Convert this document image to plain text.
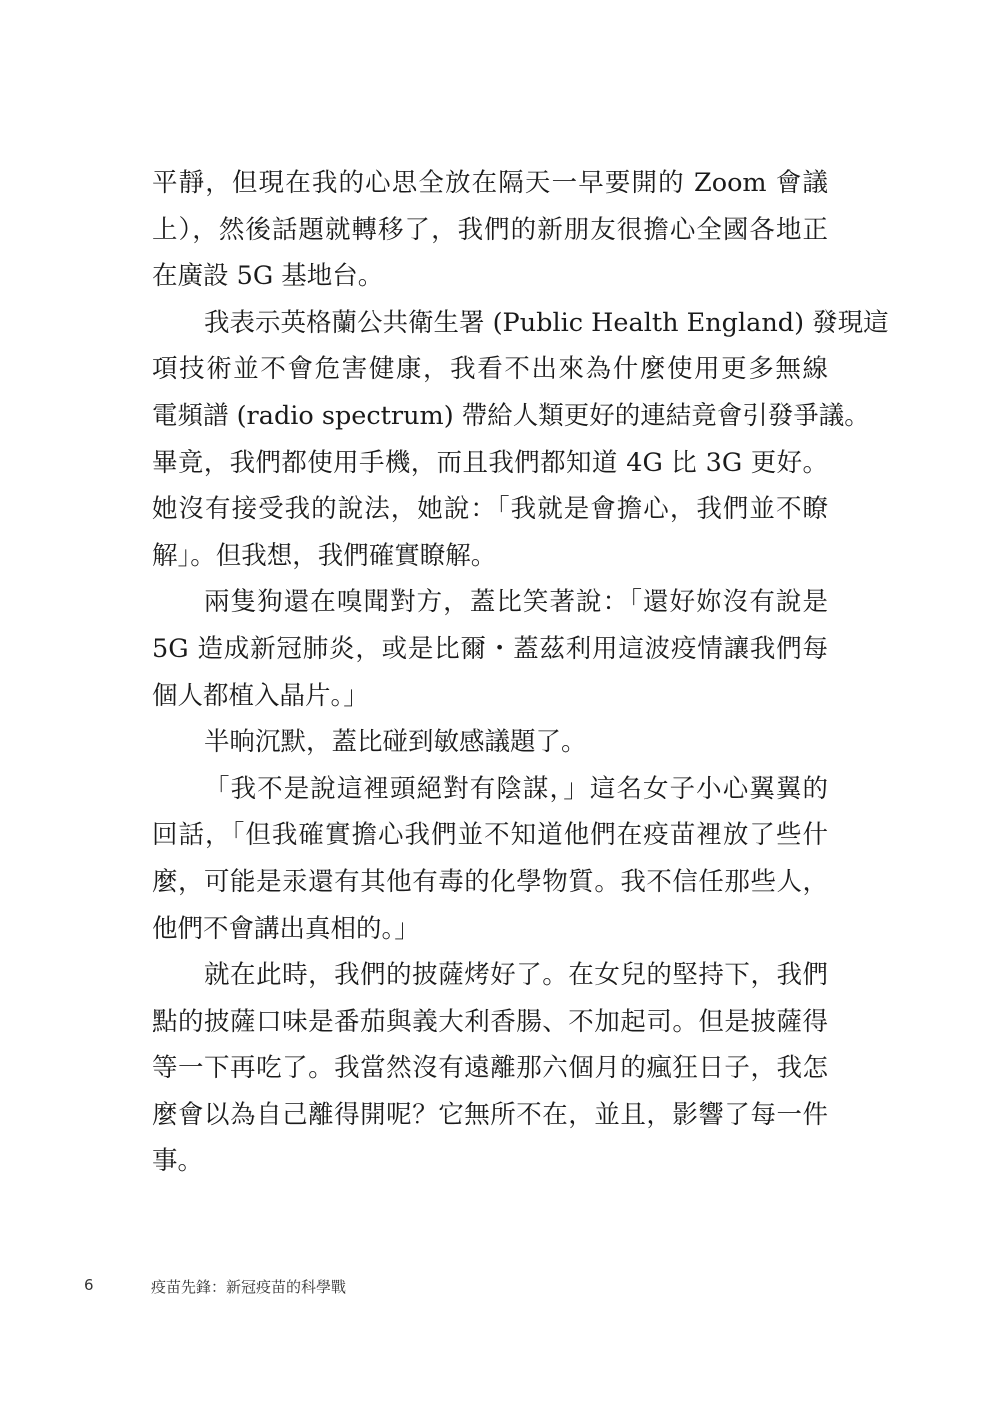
平靜，但現在我的心思全放在隔天一早要開的 Zoom 會議
上），然後話題就轉移了，我們的新朋友很擔心全國各地正
在廣設 5G 基地台。
我表示英格蘭公共衛生署 (Public Health England) 發現這
項技術並不會危害健康，我看不出來為什麼使用更多無線
電頻譜 (radio spectrum) 帶給人類更好的連結竟會引發爭議。
畢竟，我們都使用手機，而且我們都知道 4G 比 3G 更好。
她沒有接受我的說法，她說：「我就是會擔心，我們並不瞭
解」。但我想，我們確實瞭解。
兩隻狗還在嗅聞對方，蓋比笑著說：「還好妳沒有說是
5G 造成新冠肺炎，或是比爾・蓋茲利用這波疫情讓我們每
個人都植入晶片。」
半晌沉默，蓋比碰到敏感議題了。
「我不是說這裡頭絕對有陰謀，」這名女子小心翼翼的
回話，「但我確實擔心我們並不知道他們在疫苗裡放了些什
麼，可能是汞還有其他有毒的化學物質。我不信任那些人，
他們不會講出真相的。」
就在此時，我們的披薩烤好了。在女兒的堅持下，我們
點的披薩口味是番茄與義大利香腸、不加起司。但是披薩得
等一下再吃了。我當然沒有遠離那六個月的瘋狂日子，我怎
麼會以為自己離得開呢？它無所不在，並且，影響了每一件
事。
6	疫苗先鋒：新冠疫苗的科學戰
